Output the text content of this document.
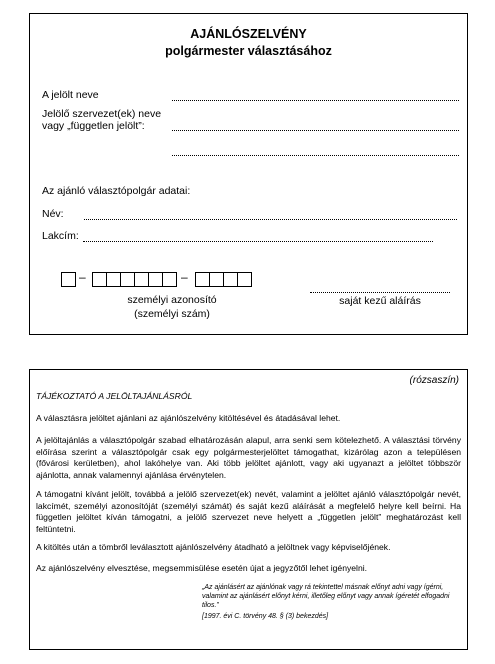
AJÁNLÓSZELVÉNY
polgármester választásához
A jelölt neve
Jelölő szervezet(ek) neve
vagy „független jelölt”:
Az ajánló választópolgár adatai:
Név:
Lakcím:
–	–
személyi azonosító
(személyi szám)
saját kezű aláírás
(rózsaszín)
TÁJÉKOZTATÓ A JELÖLTAJÁNLÁSRÓL
A választásra jelöltet ajánlani az ajánlószelvény kitöltésével és átadásával lehet.
A jelöltajánlás a választópolgár szabad elhatározásán alapul, arra senki sem kötelezhető. A választási törvény előírása szerint a választópolgár csak egy polgármesterjelöltet támogathat, kizárólag azon a településen (fővárosi kerületben), ahol lakóhelye van. Aki több jelöltet ajánlott, vagy aki ugyanazt a jelöltet többször ajánlotta, annak valamennyi ajánlása érvénytelen.
A támogatni kívánt jelölt, továbbá a jelölő szervezet(ek) nevét, valamint a jelöltet ajánló választópolgár nevét, lakcímét, személyi azonosítóját (személyi számát) és saját kezű aláírását a megfelelő helyre kell beírni. Ha független jelöltet kíván támogatni, a jelölő szervezet neve helyett a „független jelölt” meghatározást kell feltüntetni.
A kitöltés után a tömbről leválasztott ajánlószelvény átadható a jelöltnek vagy képviselőjének.
Az ajánlószelvény elvesztése, megsemmisülése esetén újat a jegyzőtől lehet igényelni.
„Az ajánlásért az ajánlónak vagy rá tekintettel másnak előnyt adni vagy ígérni, valamint az ajánlásért előnyt kérni, illetőleg előnyt vagy annak ígéretét elfogadni tilos.”
[1997. évi C. törvény 48. § (3) bekezdés]
